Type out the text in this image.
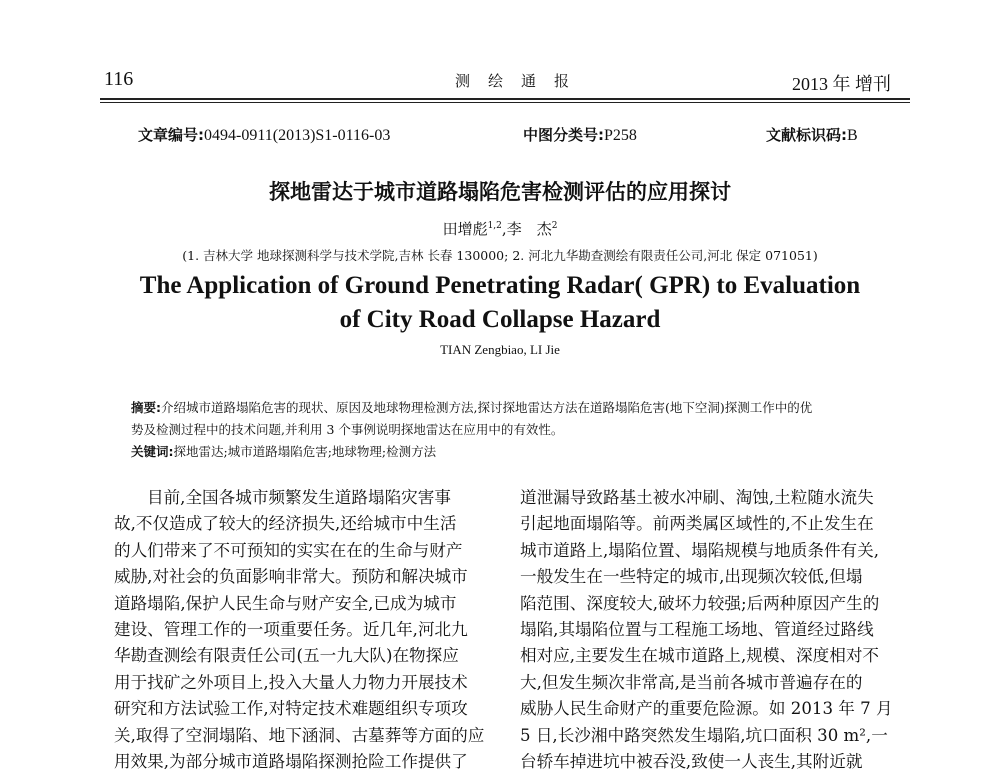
116	测绘通报	2013 年 增刊
文章编号:0494-0911(2013)S1-0116-03	中图分类号:P258	文献标识码:B
探地雷达于城市道路塌陷危害检测评估的应用探讨
田增彪$^{1,2}$,李　杰$^2$
(1. 吉林大学 地球探测科学与技术学院,吉林 长春 130000; 2. 河北九华勘查测绘有限责任公司,河北 保定 071051)
The Application of Ground Penetrating Radar( GPR) to Evaluation
of City Road Collapse Hazard
TIAN Zengbiao, LI Jie
摘要:介绍城市道路塌陷危害的现状、原因及地球物理检测方法,探讨探地雷达方法在道路塌陷危害(地下空洞)探测工作中的优
势及检测过程中的技术问题,并利用 3 个事例说明探地雷达在应用中的有效性。
关键词:探地雷达;城市道路塌陷危害;地球物理;检测方法
目前,全国各城市频繁发生道路塌陷灾害事
故,不仅造成了较大的经济损失,还给城市中生活
的人们带来了不可预知的实实在在的生命与财产
威胁,对社会的负面影响非常大。预防和解决城市
道路塌陷,保护人民生命与财产安全,已成为城市
建设、管理工作的一项重要任务。近几年,河北九
华勘查测绘有限责任公司(五一九大队)在物探应
用于找矿之外项目上,投入大量人力物力开展技术
研究和方法试验工作,对特定技术难题组织专项攻
关,取得了空洞塌陷、地下涵洞、古墓葬等方面的应
用效果,为部分城市道路塌陷探测抢险工作提供了
道泄漏导致路基土被水冲刷、淘蚀,土粒随水流失
引起地面塌陷等。前两类属区域性的,不止发生在
城市道路上,塌陷位置、塌陷规模与地质条件有关,
一般发生在一些特定的城市,出现频次较低,但塌
陷范围、深度较大,破坏力较强;后两种原因产生的
塌陷,其塌陷位置与工程施工场地、管道经过路线
相对应,主要发生在城市道路上,规模、深度相对不
大,但发生频次非常高,是当前各城市普遍存在的
威胁人民生命财产的重要危险源。如 2013 年 7 月
5 日,长沙湘中路突然发生塌陷,坑口面积 30 m²,一
台轿车掉进坑中被吞没,致使一人丧生,其附近就
